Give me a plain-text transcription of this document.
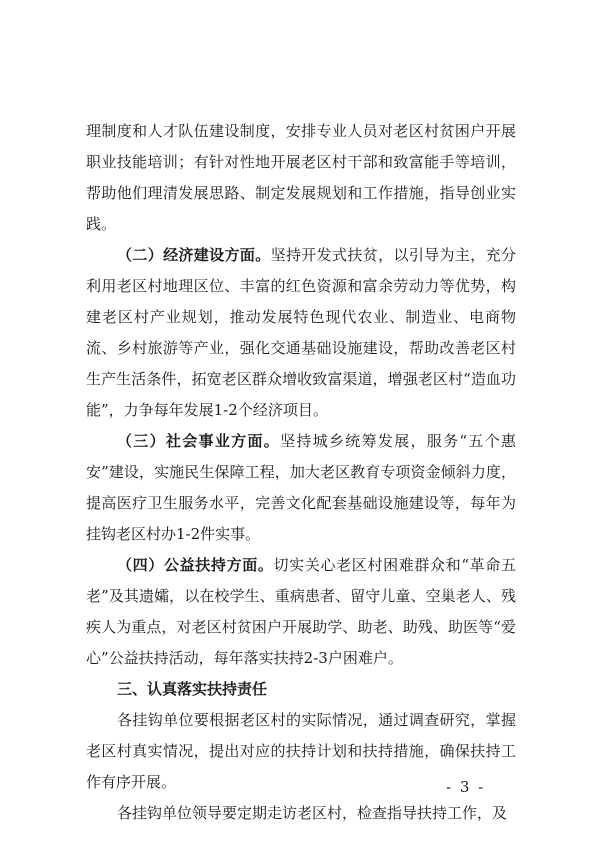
理制度和人才队伍建设制度，安排专业人员对老区村贫困户开展职业技能培训；有针对性地开展老区村干部和致富能手等培训，帮助他们理清发展思路、制定发展规划和工作措施，指导创业实践。

（二）经济建设方面。坚持开发式扶贫，以引导为主，充分利用老区村地理区位、丰富的红色资源和富余劳动力等优势，构建老区村产业规划，推动发展特色现代农业、制造业、电商物流、乡村旅游等产业，强化交通基础设施建设，帮助改善老区村生产生活条件，拓宽老区群众增收致富渠道，增强老区村“造血功能”，力争每年发展1-2个经济项目。

（三）社会事业方面。坚持城乡统筹发展，服务“五个惠安”建设，实施民生保障工程，加大老区教育专项资金倾斜力度，提高医疗卫生服务水平，完善文化配套基础设施建设等，每年为挂钩老区村办1-2件实事。

（四）公益扶持方面。切实关心老区村困难群众和“革命五老”及其遗孀，以在校学生、重病患者、留守儿童、空巢老人、残疾人为重点，对老区村贫困户开展助学、助老、助残、助医等“爱心”公益扶持活动，每年落实扶持2-3户困难户。

三、认真落实扶持责任

各挂钩单位要根据老区村的实际情况，通过调查研究，掌握老区村真实情况，提出对应的扶持计划和扶持措施，确保扶持工作有序开展。

各挂钩单位领导要定期走访老区村，检查指导扶持工作，及

- 3 -
